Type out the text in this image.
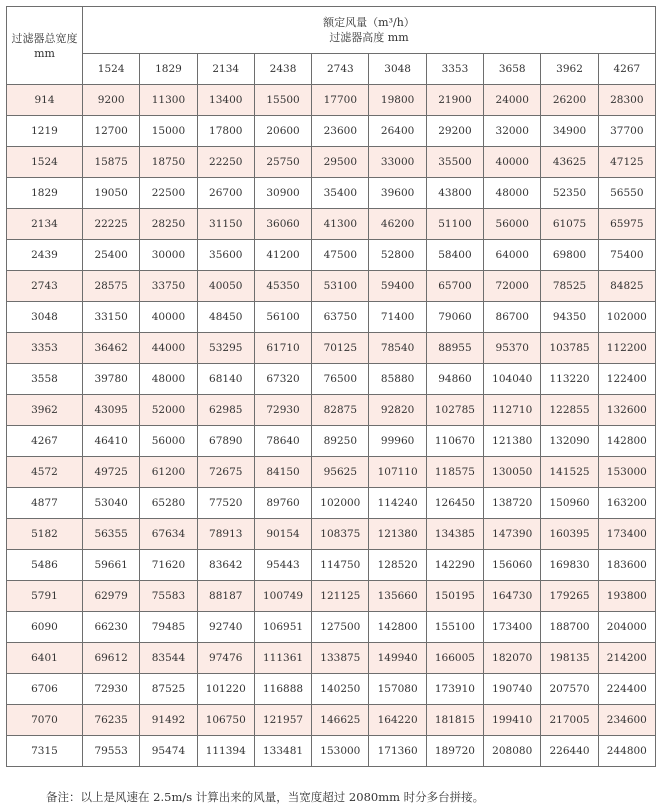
过滤器总宽度 mm	额定风量（m³/h）
过滤器高度 mm									

	1524	1829	2134	2438	2743	3048	3353	3658	3962	4267
914	9200	11300	13400	15500	17700	19800	21900	24000	26200	28300
1219	12700	15000	17800	20600	23600	26400	29200	32000	34900	37700
1524	15875	18750	22250	25750	29500	33000	35500	40000	43625	47125
1829	19050	22500	26700	30900	35400	39600	43800	48000	52350	56550
2134	22225	28250	31150	36060	41300	46200	51100	56000	61075	65975
2439	25400	30000	35600	41200	47500	52800	58400	64000	69800	75400
2743	28575	33750	40050	45350	53100	59400	65700	72000	78525	84825
3048	33150	40000	48450	56100	63750	71400	79060	86700	94350	102000
3353	36462	44000	53295	61710	70125	78540	88955	95370	103785	112200
3558	39780	48000	68140	67320	76500	85880	94860	104040	113220	122400
3962	43095	52000	62985	72930	82875	92820	102785	112710	122855	132600
4267	46410	56000	67890	78640	89250	99960	110670	121380	132090	142800
4572	49725	61200	72675	84150	95625	107110	118575	130050	141525	153000
4877	53040	65280	77520	89760	102000	114240	126450	138720	150960	163200
5182	56355	67634	78913	90154	108375	121380	134385	147390	160395	173400
5486	59661	71620	83642	95443	114750	128520	142290	156060	169830	183600
5791	62979	75583	88187	100749	121125	135660	150195	164730	179265	193800
6090	66230	79485	92740	106951	127500	142800	155100	173400	188700	204000
6401	69612	83544	97476	111361	133875	149940	166005	182070	198135	214200
6706	72930	87525	101220	116888	140250	157080	173910	190740	207570	224400
7070	76235	91492	106750	121957	146625	164220	181815	199410	217005	234600
7315	79553	95474	111394	133481	153000	171360	189720	208080	226440	244800
备注：以上是风速在 2.5m/s 计算出来的风量，当宽度超过 2080mm 时分多台拼接。
